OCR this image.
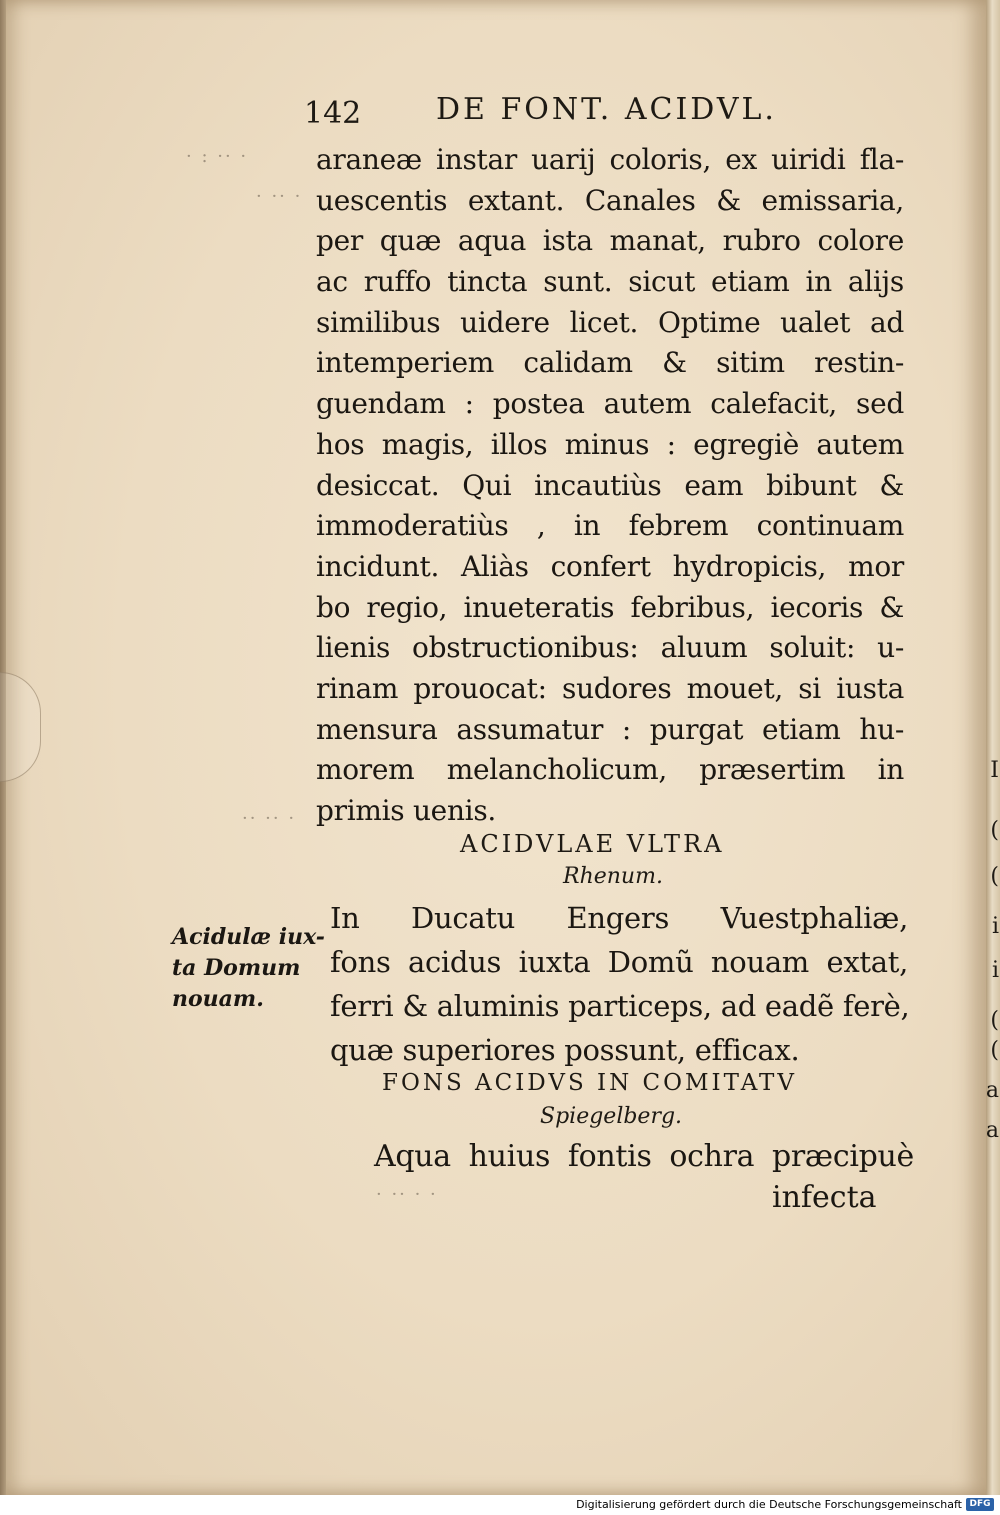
I
(
(
i
i
(
(
a
a
142 DE FONT. ACIDVL.
· : ·· ·
· ·· ·
·· ·· ·
· ·· · ·
araneæ instar uarij coloris, ex uiridi fla-
uescentis extant. Canales & emissaria,
per quæ aqua ista manat, rubro colore
ac ruffo tincta sunt. sicut etiam in alijs
similibus uidere licet. Optime ualet ad
intemperiem calidam & sitim restin-
guendam : postea autem calefacit, sed
hos magis, illos minus : egregiè autem
desiccat. Qui incautiùs eam bibunt &
immoderatiùs , in febrem continuam
incidunt. Aliàs confert hydropicis, mor
bo regio, inueteratis febribus, iecoris &
lienis obstructionibus: aluum soluit: u-
rinam prouocat: sudores mouet, si iusta
mensura assumatur : purgat etiam hu-
morem melancholicum, præsertim in
primis uenis.
ACIDVLAE VLTRA
Rhenum.
Acidulæ iux-
ta Domum
nouam.
In Ducatu Engers Vuestphaliæ,
fons acidus iuxta Domũ nouam extat,
ferri & aluminis particeps, ad eadẽ ferè,
quæ superiores possunt, efficax.
FONS ACIDVS IN COMITATV
Spiegelberg.
Aqua huius fontis ochra præcipuè
infecta
Digitalisierung gefördert durch die Deutsche Forschungsgemeinschaft DFG
